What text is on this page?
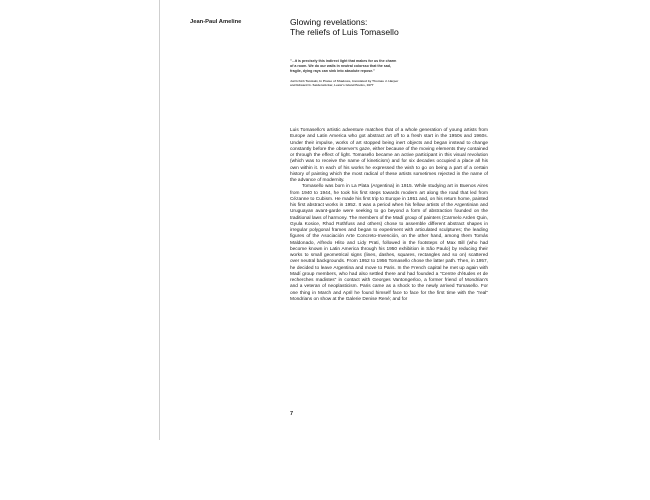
Jean-Paul Ameline	Glowing revelations:
The reliefs of Luis Tomasello

"...it is precisely this indirect light that makes for us the charm of a room. We do our walls in neutral colorsso that the sad, fragile, dying rays can sink into absolute repose."

Jun'ichirō Tanizaki, In Praise of Shadows, translated by Thomas J. Harper and Edward G. Seidensticker, Leete's Island Books, 1977

Luis Tomasello's artistic adventure matches that of a whole generation of young artists from Europe and Latin America who got abstract art off to a fresh start in the 1950s and 1960s. Under their impulse, works of art stopped being inert objects and began instead to change constantly before the observer's gaze, either because of the moving elements they contained or through the effect of light. Tomasello became an active participant in this visual revolution (which was to receive the name of kineticism) and for six decades occupied a place all his own within it. In each of his works he expressed the wish to go on being a part of a certain history of painting which the most radical of these artists sometimes rejected in the name of the advance of modernity.

Tomasello was born in La Plata (Argentina) in 1915. While studying art in Buenos Aires from 1940 to 1944, he took his first steps towards modern art along the road that led from Cézanne to Cubism. He made his first trip to Europe in 1951 and, on his return home, painted his first abstract works in 1952. It was a period when his fellow artists of the Argentinian and Uruguayan avant-garde were seeking to go beyond a form of abstraction founded on the traditional laws of harmony. The members of the Madí group of painters (Carmelo Arden Quin, Gyula Kosice, Rhod Rothfuss and others) chose to assemble different abstract shapes in irregular polygonal frames and began to experiment with articulated sculptures; the leading figures of the Asociación Arte Concreto-Invención, on the other hand, among them Tomás Maldonado, Alfredo Hlito and Lidy Prati, followed in the footsteps of Max Bill (who had become known in Latin America through his 1950 exhibition in São Paulo) by reducing their works to small geometrical signs (lines, dashes, squares, rectangles and so on) scattered over neutral backgrounds. From 1952 to 1956 Tomasello chose the latter path. Then, in 1957, he decided to leave Argentina and move to Paris. In the French capital he met up again with Madí group members, who had also settled there and had founded a "Centre d'études et de recherches madistes" in contact with Georges Vantongerloo, a former friend of Mondrian's and a veteran of neoplasticism. Paris came as a shock to the newly arrived Tomasello. For one thing in March and April he found himself face to face for the first time with the "real" Mondrians on show at the Galerie Denise René; and for

7
